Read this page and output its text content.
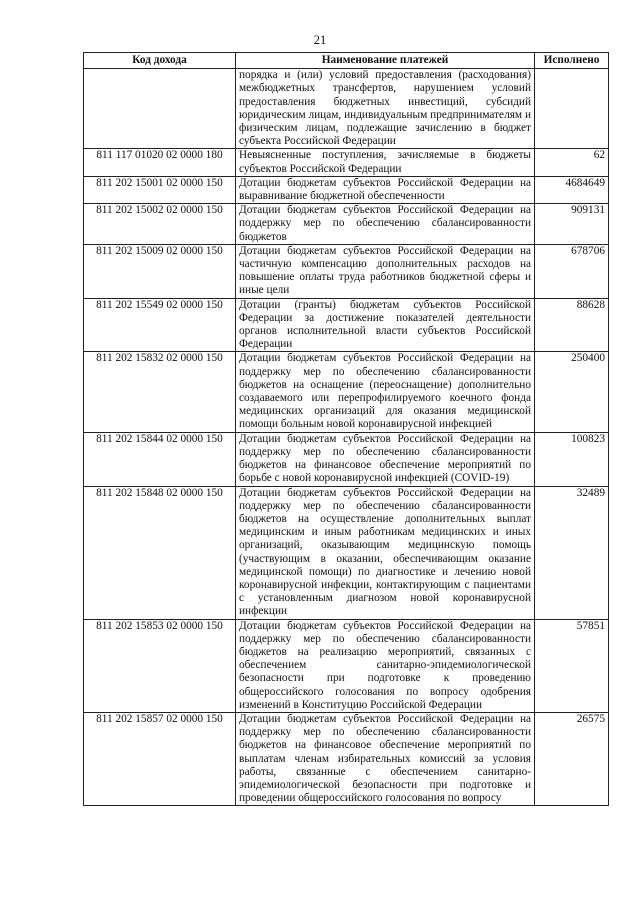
21
Код дохода	Наименование платежей	Исполнено
	порядка и (или) условий предоставления (расходования) межбюджетных трансфертов, нарушением условий предоставления бюджетных инвестиций, субсидий юридическим лицам, индивидуальным предпринимателям и физическим лицам, подлежащие зачислению в бюджет субъекта Российской Федерации	
811 117 01020 02 0000 180	Невыясненные поступления, зачисляемые в бюджеты субъектов Российской Федерации	62
811 202 15001 02 0000 150	Дотации бюджетам субъектов Российской Федерации на выравнивание бюджетной обеспеченности	4684649
811 202 15002 02 0000 150	Дотации бюджетам субъектов Российской Федерации на поддержку мер по обеспечению сбалансированности бюджетов	909131
811 202 15009 02 0000 150	Дотации бюджетам субъектов Российской Федерации на частичную компенсацию дополнительных расходов на повышение оплаты труда работников бюджетной сферы и иные цели	678706
811 202 15549 02 0000 150	Дотации (гранты) бюджетам субъектов Российской Федерации за достижение показателей деятельности органов исполнительной власти субъектов Российской Федерации	88628
811 202 15832 02 0000 150	Дотации бюджетам субъектов Российской Федерации на поддержку мер по обеспечению сбалансированности бюджетов на оснащение (переоснащение) дополнительно создаваемого или перепрофилируемого коечного фонда медицинских организаций для оказания медицинской помощи больным новой коронавирусной инфекцией	250400
811 202 15844 02 0000 150	Дотации бюджетам субъектов Российской Федерации на поддержку мер по обеспечению сбалансированности бюджетов на финансовое обеспечение мероприятий по борьбе с новой коронавирусной инфекцией (COVID-19)	100823
811 202 15848 02 0000 150	Дотации бюджетам субъектов Российской Федерации на поддержку мер по обеспечению сбалансированности бюджетов на осуществление дополнительных выплат медицинским и иным работникам медицинских и иных организаций, оказывающим медицинскую помощь (участвующим в оказании, обеспечивающим оказание медицинской помощи) по диагностике и лечению новой коронавирусной инфекции, контактирующим с пациентами с установленным диагнозом новой коронавирусной инфекции	32489
811 202 15853 02 0000 150	Дотации бюджетам субъектов Российской Федерации на поддержку мер по обеспечению сбалансированности бюджетов на реализацию мероприятий, связанных с обеспечением санитарно-эпидемиологической безопасности при подготовке к проведению общероссийского голосования по вопросу одобрения изменений в Конституцию Российской Федерации	57851
811 202 15857 02 0000 150	Дотации бюджетам субъектов Российской Федерации на поддержку мер по обеспечению сбалансированности бюджетов на финансовое обеспечение мероприятий по выплатам членам избирательных комиссий за условия работы, связанные с обеспечением санитарно-эпидемиологической безопасности при подготовке и проведении общероссийского голосования по вопросу	26575
